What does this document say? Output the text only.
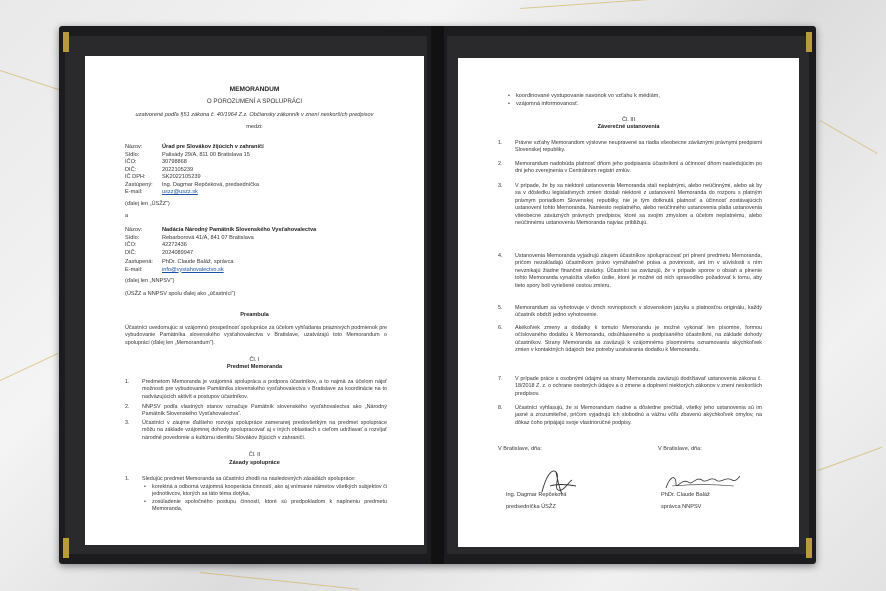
MEMORANDUM
O POROZUMENÍ A SPOLUPRÁCI
uzatvorené podľa §51 zákona č. 40/1964 Z.z. Občiansky zákonník v znení neskorších predpisov
medzi:
Názov:	Úrad pre Slovákov žijúcich v zahraničí
Sídlo:	Palisády 29/A, 811 00 Bratislava 15
IČO:	30798868
DIČ:	2022105239
IČ DPH:	SK2022105239
Zastúpený: Ing. Dagmar Repčeková, predsedníčka
E-mail:	uszz@uszz.sk
(ďalej len „ÚSŽZ“)
a
Názov:	Nadácia Národný Pamätník Slovenského Vysťahovalectva
Sídlo:	Rebarborová 41/A, 841 07 Bratislava
IČO:	42272436
DIČ:	2024089947
Zastupená: PhDr. Claude Baláž, správca
E-mail:	info@vystahovalectvo.sk
(ďalej len „NNPSV“)
(ÚSŽZ a NNPSV spolu ďalej ako „účastníci“)
Preambula
Účastníci uvedomujúc si vzájomnú prospešnosť spolupráce za účelom vyhľadania priaznivých podmienok pre vybudovanie Pamätníka slovenského vysťahovalectva v Bratislave, uzatvárajú toto Memorandum o spolupráci (ďalej len „Memorandum“).
Čl. I
Predmet Memoranda
1. Predmetom Memoranda je vzájomná spolupráca a podpora účastníkov, a to najmä za účelom nájsť možnosti pre vybudovanie Pamätníka slovenského vysťahovalectva v Bratislave za koordinácie na to nadväzujúcich aktivít a postupov účastníkov.
2. NNPSV podľa vlastných stanov označuje Pamätník slovenského vysťahovalectva ako „Národný Pamätník Slovenského Vysťahovalectva“.
3. Účastníci v záujme ďalšieho rozvoja spolupráce zameranej predovšetkým na predmet spolupráce môžu na základe vzájomnej dohody spolupracovať aj v iných oblastiach s cieľom udržiavať a rozvíjať národné povedomie a kultúrnu identitu Slovákov žijúcich v zahraničí.
Čl. II
Zásady spolupráce
1. Sledujúc predmet Memoranda sa účastníci zhodli na nasledovných zásadách spolupráce:
• korektná a odborná vzájomná kooperácia činností, ako aj vnímanie námetov všetkých subjektov či jednotlivcov, ktorých sa táto téma dotýka,
• zosúladenie spoločného postupu činností, ktoré sú predpokladom k naplneniu predmetu Memoranda,
• koordinované vystupovanie navonok vo vzťahu k médiám,
• vzájomná informovanosť.
Čl. III
Záverečné ustanovenia
1. Právne vzťahy Memorandom výslovne neupravené sa riadia všeobecne záväznými právnymi predpismi Slovenskej republiky.
2. Memorandum nadobúda platnosť dňom jeho podpisania účastníkmi a účinnosť dňom nasledujúcim po dni jeho zverejnenia v Centrálnom registri zmlúv.
3. V prípade, že by sa niektoré ustanovenia Memoranda stali neplatnými, alebo neúčinnými, alebo ak by sa v dôsledku legislatívnych zmien dostali niektoré z ustanovení Memoranda do rozporu s platným právnym poriadkom Slovenskej republiky, nie je tým dotknutá platnosť a účinnosť zostávajúcich ustanovení tohto Memoranda. Namiesto neplatného, alebo neúčinného ustanovenia platia ustanovenia všeobecne záväzných právnych predpisov, ktoré sa svojim zmyslom a účelom neplatnému, alebo neúčinnému ustanoveniu Memoranda najviac približujú.
4. Ustanovenia Memoranda vyjadrujú záujem účastníkov spolupracovať pri plnení predmetu Memoranda, pričom nezakladajú účastníkom právo vymáhateľné práva a povinnosti, ani im v súvislosti s ním nevznikajú žiadne finančné záväzky. Účastníci sa zaväzujú, že v prípade sporov o obsah a plnenie tohto Memoranda vynaložia všetko úsilie, ktoré je možné od nich spravodlivo požadovať k tomu, aby tieto spory boli vyriešené cestou zmieru.
5. Memorandum sa vyhotovuje v dvoch rovnopisoch v slovenskom jazyku s platnosťou originálu, každý účastník obdrží jedno vyhotovenie.
6. Akékoľvek zmeny a dodatky k tomuto Memorandu je možné vykonať len písomne, formou očíslovaného dodatku k Memorandu, odsúhlaseného a podpísaného účastníkmi, na základe dohody účastníkov. Strany Memoranda sa zaväzujú k vzájomnému písomnému oznamovaniu akýchkoľvek zmien v kontaktných údajoch bez potreby uzatvárania dodatku k Memorandu.
7. V prípade práce s osobnými údajmi sa strany Memoranda zaväzujú dodržiavať ustanovenia zákona č. 18/2018 Z. z. o ochrane osobných údajov a o zmene a doplnení niektorých zákonov v znení neskorších predpisov.
8. Účastníci vyhlasujú, že si Memorandum riadne a dôsledne prečítali, všetky jeho ustanovenia sú im jasné a zrozumiteľné, pričom vyjadrujú ich slobodnú a vážnu vôľu zbavenú akýchkoľvek omylov, na dôkaz čoho pripájajú svoje vlastnoručné podpisy.
V Bratislave, dňa:	V Bratislave, dňa:
Ing. Dagmar Repčeková
predsedníčka ÚSŽZ
PhDr. Claude Baláž
správca NNPSV
